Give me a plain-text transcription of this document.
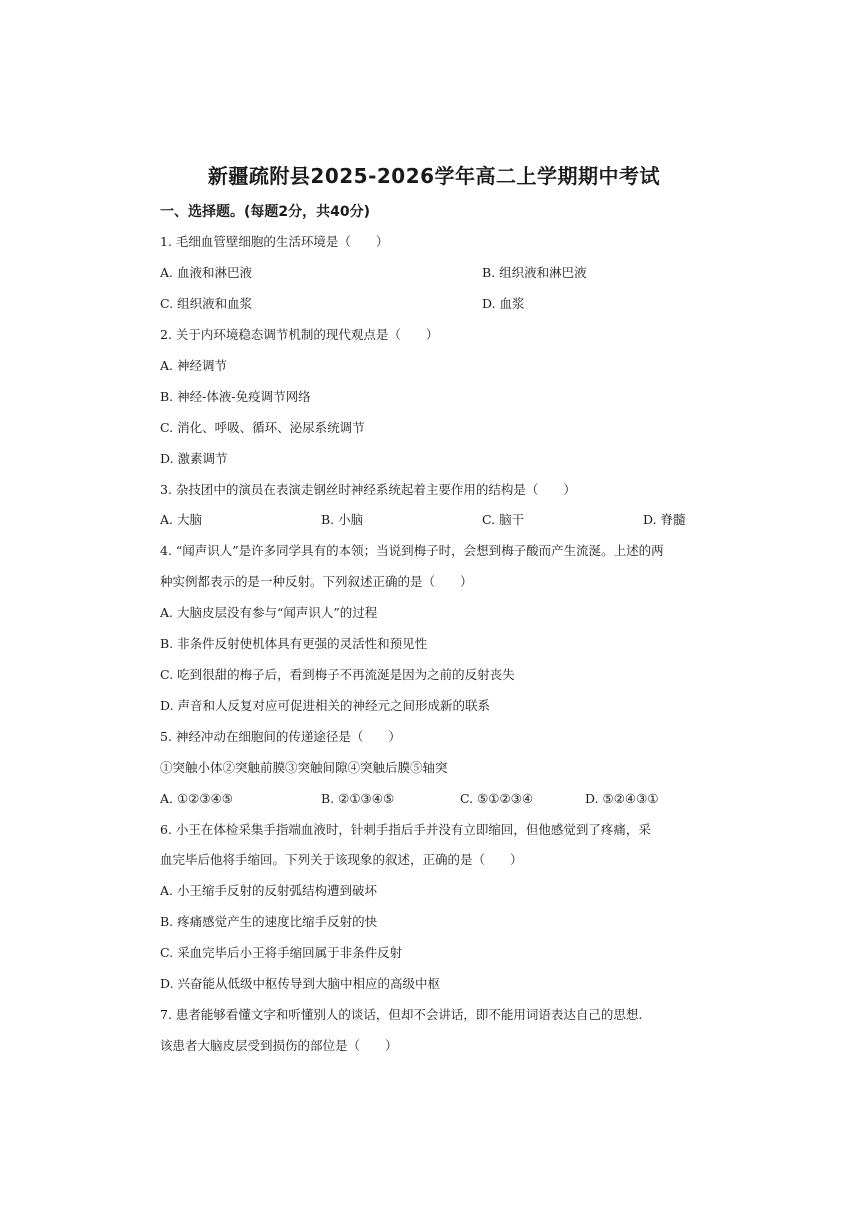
新疆疏附县2025-2026学年高二上学期期中考试
一、选择题。(每题2分，共40分)
1. 毛细血管壁细胞的生活环境是（　　）
A. 血液和淋巴液	B. 组织液和淋巴液
C. 组织液和血浆	D. 血浆
2. 关于内环境稳态调节机制的现代观点是（　　）
A. 神经调节
B. 神经-体液-免疫调节网络
C. 消化、呼吸、循环、泌尿系统调节
D. 激素调节
3. 杂技团中的演员在表演走钢丝时神经系统起着主要作用的结构是（　　）
A. 大脑	B. 小脑	C. 脑干	D. 脊髓
4. “闻声识人”是许多同学具有的本领；当说到梅子时，会想到梅子酸而产生流涎。上述的两
种实例都表示的是一种反射。下列叙述正确的是（　　）
A. 大脑皮层没有参与“闻声识人”的过程
B. 非条件反射使机体具有更强的灵活性和预见性
C. 吃到很甜的梅子后，看到梅子不再流涎是因为之前的反射丧失
D. 声音和人反复对应可促进相关的神经元之间形成新的联系
5. 神经冲动在细胞间的传递途径是（　　）
①突触小体②突触前膜③突触间隙④突触后膜⑤轴突
A. ①②③④⑤	B. ②①③④⑤	C. ⑤①②③④	D. ⑤②④③①
6. 小王在体检采集手指端血液时，针刺手指后手并没有立即缩回，但他感觉到了疼痛，采
血完毕后他将手缩回。下列关于该现象的叙述，正确的是（　　）
A. 小王缩手反射的反射弧结构遭到破坏
B. 疼痛感觉产生的速度比缩手反射的快
C. 采血完毕后小王将手缩回属于非条件反射
D. 兴奋能从低级中枢传导到大脑中相应的高级中枢
7. 患者能够看懂文字和听懂别人的谈话，但却不会讲话，即不能用词语表达自己的思想.
该患者大脑皮层受到损伤的部位是（　　）
